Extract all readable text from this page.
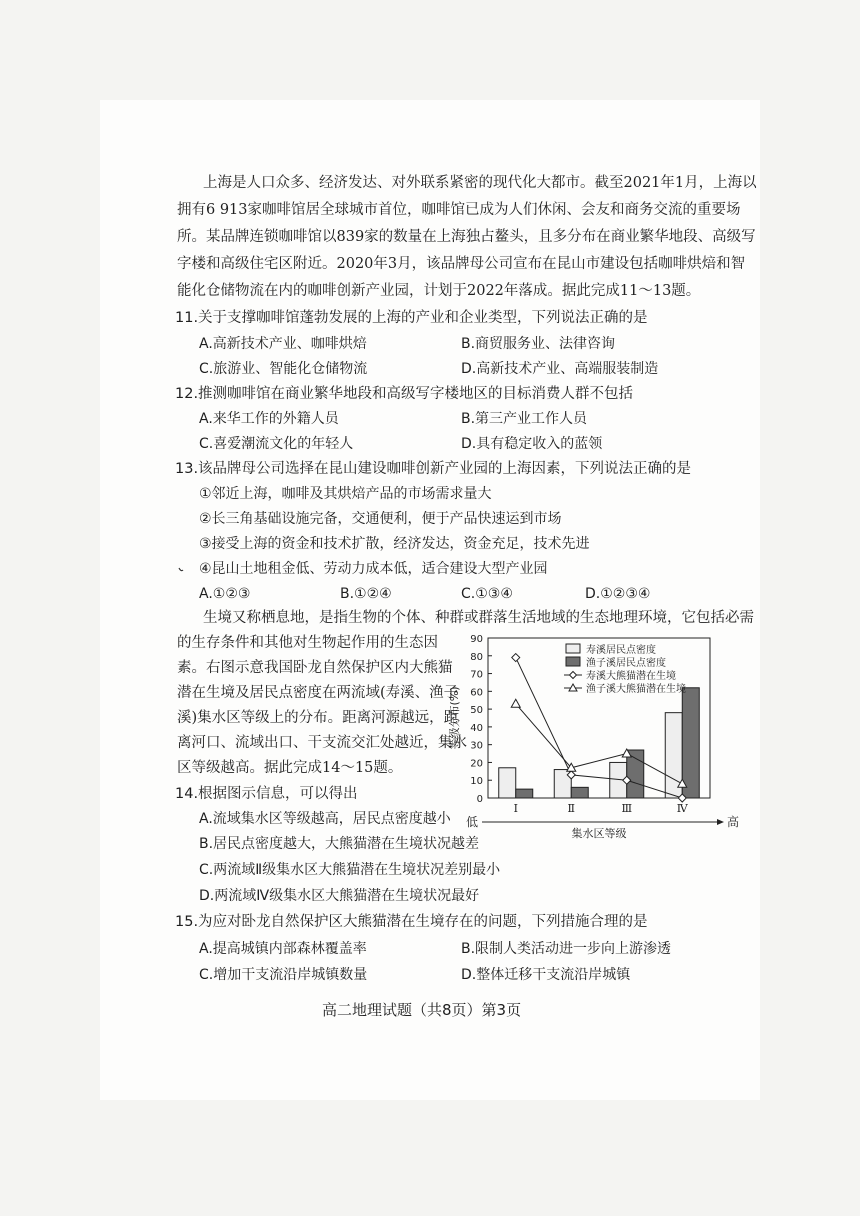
上海是人口众多、经济发达、对外联系紧密的现代化大都市。截至2021年1月，上海以
拥有6 913家咖啡馆居全球城市首位，咖啡馆已成为人们休闲、会友和商务交流的重要场
所。某品牌连锁咖啡馆以839家的数量在上海独占鳌头，且多分布在商业繁华地段、高级写
字楼和高级住宅区附近。2020年3月，该品牌母公司宣布在昆山市建设包括咖啡烘焙和智
能化仓储物流在内的咖啡创新产业园，计划于2022年落成。据此完成11～13题。
11.关于支撑咖啡馆蓬勃发展的上海的产业和企业类型，下列说法正确的是
A.高新技术产业、咖啡烘焙	B.商贸服务业、法律咨询
C.旅游业、智能化仓储物流	D.高新技术产业、高端服装制造
12.推测咖啡馆在商业繁华地段和高级写字楼地区的目标消费人群不包括
A.来华工作的外籍人员	B.第三产业工作人员
C.喜爱潮流文化的年轻人	D.具有稳定收入的蓝领
13.该品牌母公司选择在昆山建设咖啡创新产业园的上海因素，下列说法正确的是
①邻近上海，咖啡及其烘焙产品的市场需求量大
②长三角基础设施完备，交通便利，便于产品快速运到市场
③接受上海的资金和技术扩散，经济发达，资金充足，技术先进
④昆山土地租金低、劳动力成本低，适合建设大型产业园
A.①②③	B.①②④	C.①③④	D.①②③④
生境又称栖息地，是指生物的个体、种群或群落生活地域的生态地理环境，它包括必需
的生存条件和其他对生物起作用的生态因
素。右图示意我国卧龙自然保护区内大熊猫
潜在生境及居民点密度在两流域(寿溪、渔子
溪)集水区等级上的分布。距离河源越远，距
离河口、流域出口、干支流交汇处越近，集水
区等级越高。据此完成14～15题。
0
10
20
30
40
50
60
70
80
90
等级分布(%)
Ⅰ	Ⅱ	Ⅲ	Ⅳ
低	高
集水区等级
寿溪居民点密度
渔子溪居民点密度
寿溪大熊猫潜在生境
渔子溪大熊猫潜在生境
14.根据图示信息，可以得出
A.流域集水区等级越高，居民点密度越小
B.居民点密度越大，大熊猫潜在生境状况越差
C.两流域Ⅱ级集水区大熊猫潜在生境状况差别最小
D.两流域Ⅳ级集水区大熊猫潜在生境状况最好
15.为应对卧龙自然保护区大熊猫潜在生境存在的问题，下列措施合理的是
A.提高城镇内部森林覆盖率	B.限制人类活动进一步向上游渗透
C.增加干支流沿岸城镇数量	D.整体迁移干支流沿岸城镇
高二地理试题（共8页）第3页
